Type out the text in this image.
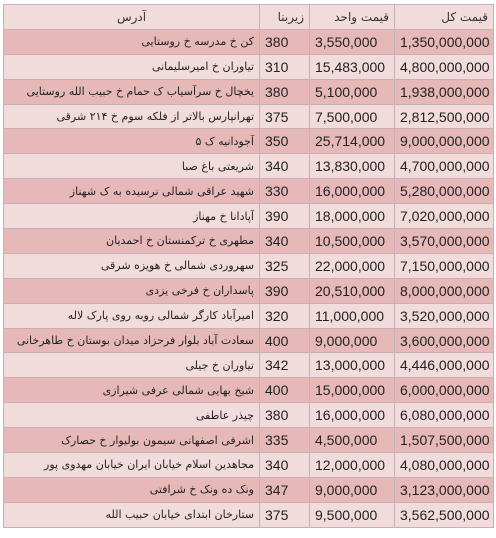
قیمت کل	قیمت واحد	زیربنا	آدرس
1,350,000,000	3,550,000	380	کن خ مدرسه خ روستایی
4,800,000,000	15,483,000	310	تیاوران خ امیرسلیمانی
1,938,000,000	5,100,000	380	یخچال خ سرآسیاب ک حمام خ حبیب الله روستایی
2,812,500,000	7,500,000	375	تهرانپارس بالاتر از فلکه سوم خ ۲۱۴ شرقی
9,000,000,000	25,714,000	350	آجودانیه ک ۵
4,700,000,000	13,830,000	340	شریعتی باغ صبا
5,280,000,000	16,000,000	330	شهید عراقی شمالی نرسیده به ک شهناز
7,020,000,000	18,000,000	390	آپادانا خ مهناز
3,570,000,000	10,500,000	340	مطهری خ ترکمنستان خ احمدیان
7,150,000,000	22,000,000	325	سهروردی شمالی خ هویزه شرقی
8,000,000,000	20,510,000	390	پاسداران خ فرخی یزدی
3,520,000,000	11,000,000	320	امیرآباد کارگر شمالی روبه روی پارک لاله
3,600,000,000	9,000,000	400	سعادت آباد بلوار فرحزاد میدان بوستان خ طاهرخانی
4,446,000,000	13,000,000	342	تیاوران خ جیلی
6,000,000,000	15,000,000	400	شیخ بهایی شمالی عرفی شیرازی
6,080,000,000	16,000,000	380	چیذر عاطفی
1,507,500,000	4,500,000	335	اشرفی اصفهانی سیمون بولیوار خ حصارک
4,080,000,000	12,000,000	340	مجاهدین اسلام خیابان ایران خیابان مهدوی پور
3,123,000,000	9,000,000	347	ونک ده ونک خ شرافتی
3,562,500,000	9,500,000	375	ستارخان ابتدای خیابان حبیب الله
